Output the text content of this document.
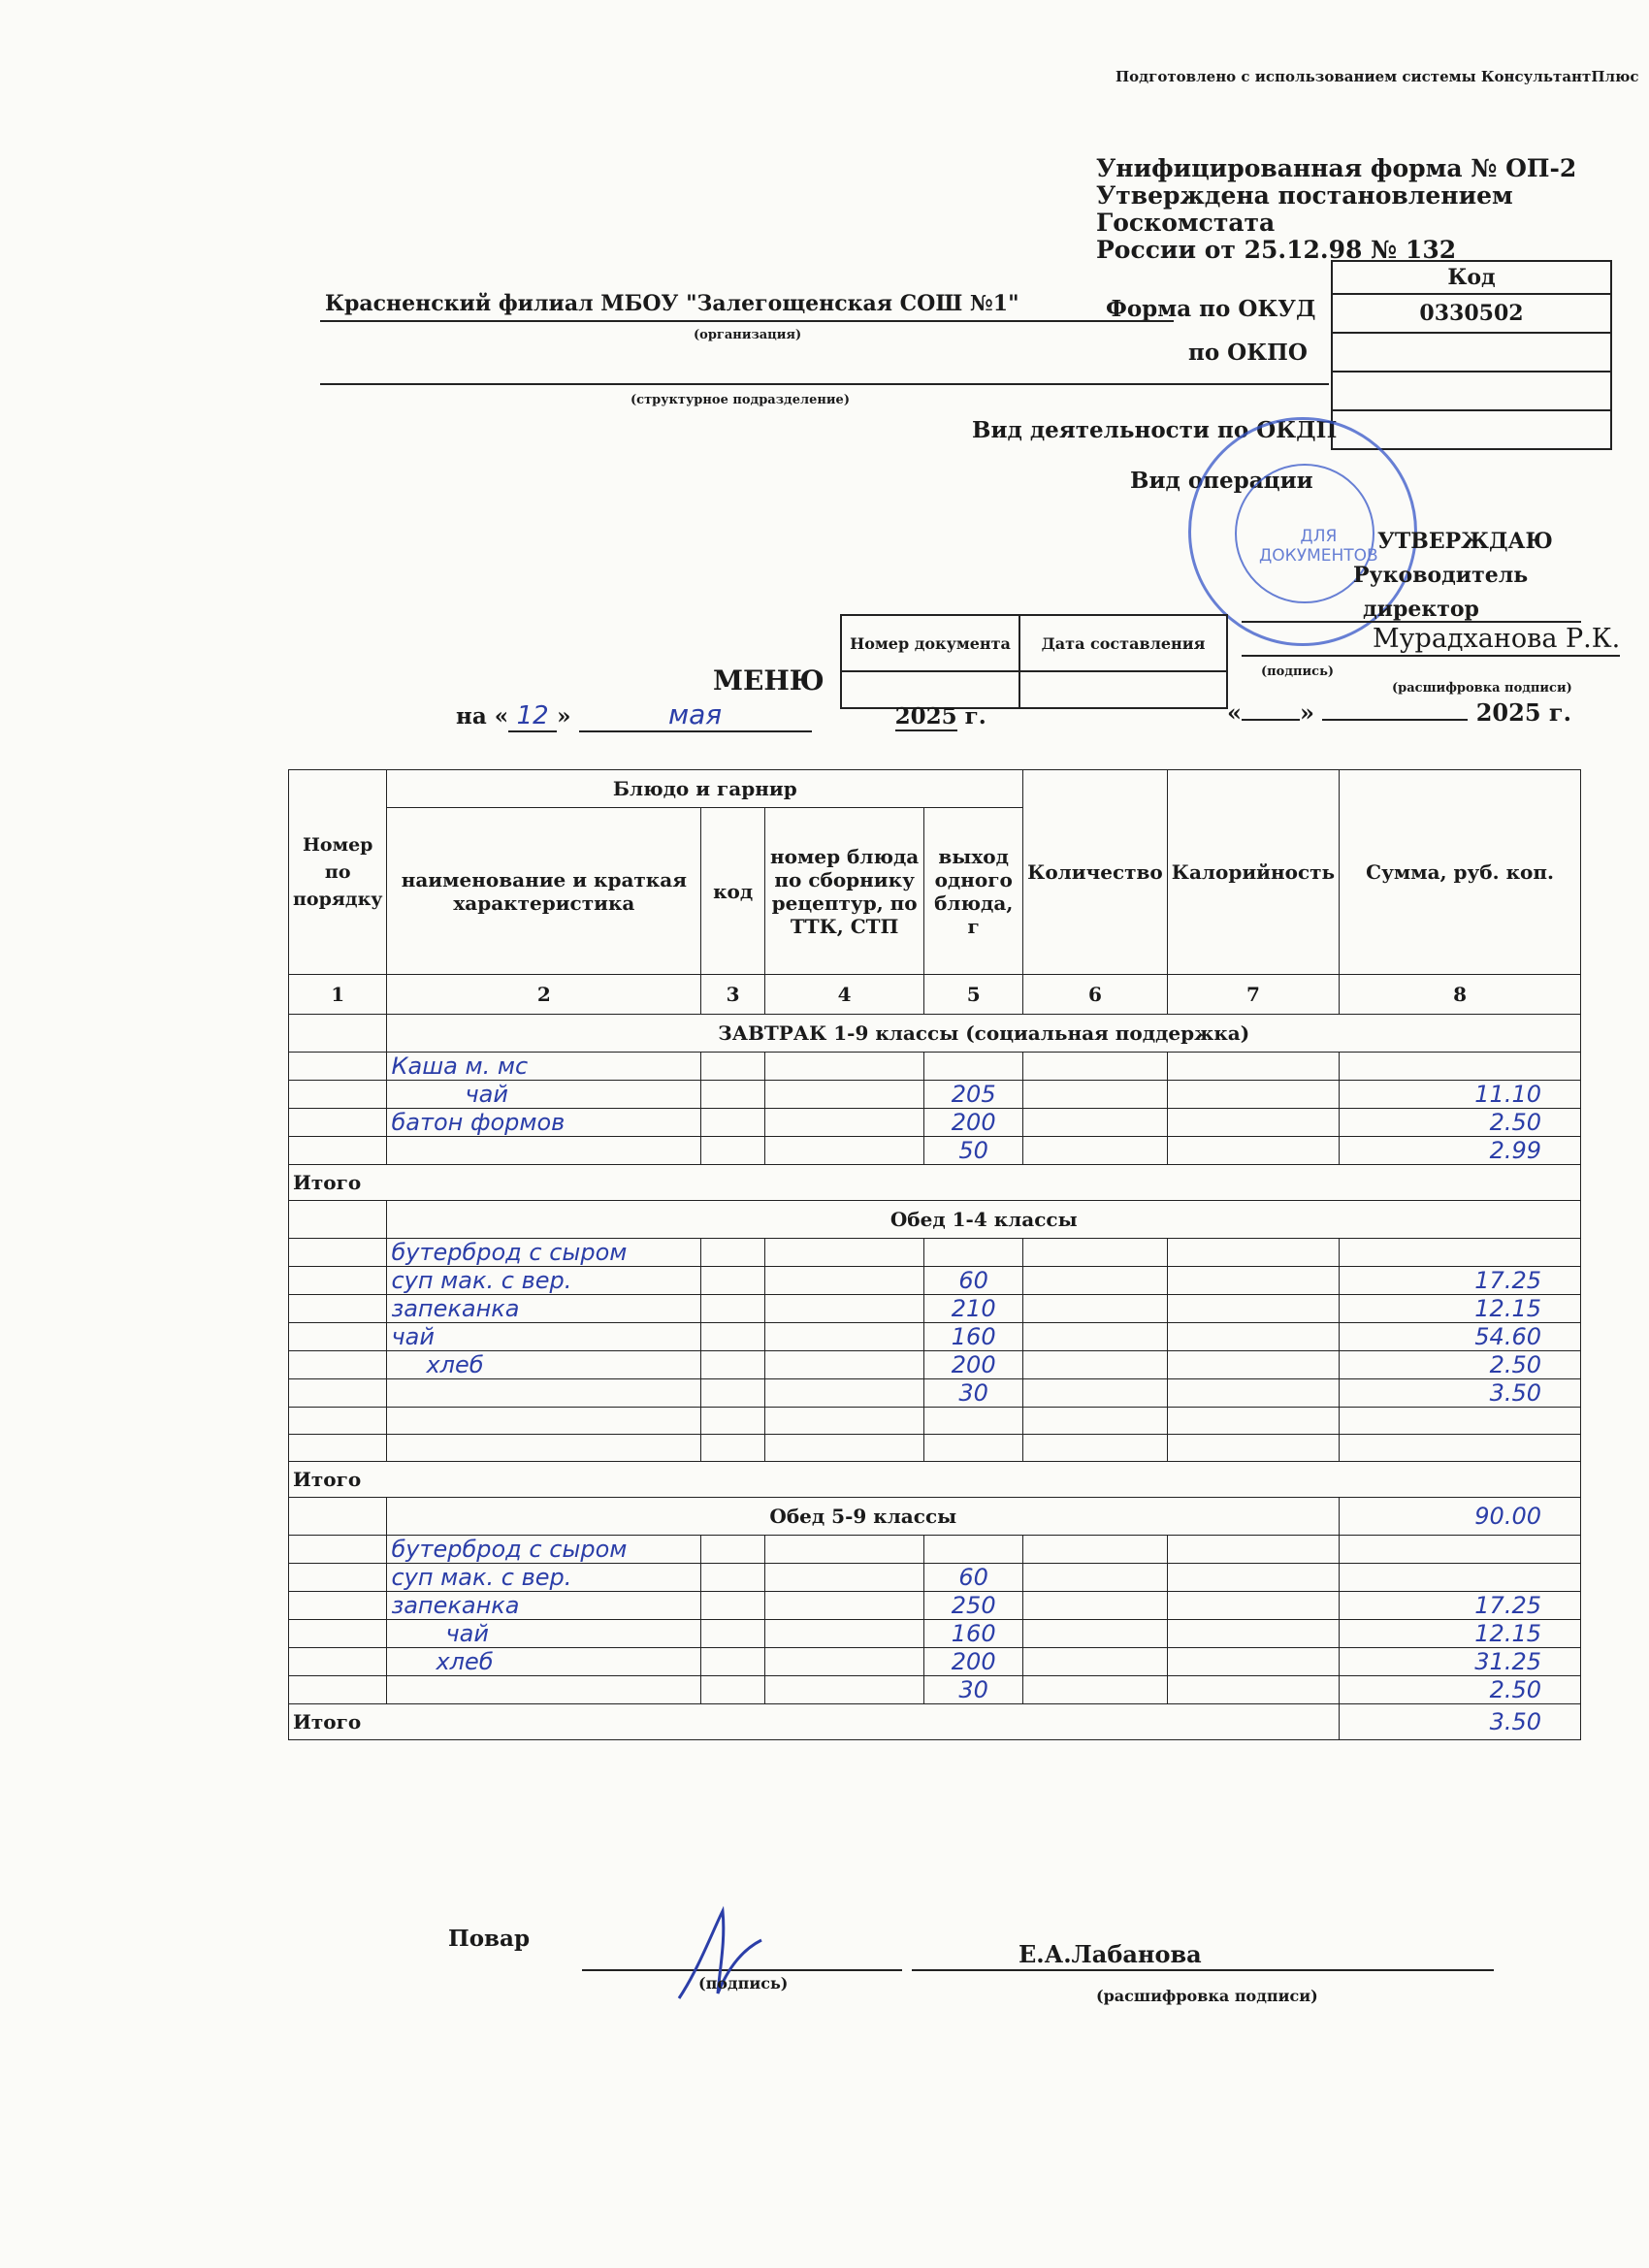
Подготовлено с использованием системы КонсультантПлюс
Унифицированная форма № ОП-2
Утверждена постановлением Госкомстата
России от 25.12.98 № 132
Код
0330502

Форма по ОКУД
по ОКПО
Вид деятельности по ОКДП
Вид операции
Красненский филиал МБОУ "Залегощенская СОШ №1"
(организация)
(структурное подразделение)
ДЛЯ
ДОКУМЕНТОВ
УТВЕРЖДАЮ
Руководитель
директор
Мурадханова Р.К.
(подпись)
(расшифровка подписи)
«	»	2025 г.
Номер документа	Дата составления

МЕНЮ
на « 12 »	мая	2025 г.
Номер по порядку	Блюдо и гарнир				Количество	Калорийность	Сумма, руб. коп.
	наименование и краткая характеристика	код	номер блюда по сборнику рецептур, по ТТК, СТП	выход одного блюда, г			
1	2	3	4	5	6	7	8
	ЗАВТРАК 1-9 классы (социальная поддержка)						
	Каша м. мс						
	чай			205			11.10
	батон формов			200			2.50
				50			2.99
Итого							
	Обед 1-4 классы						
	бутерброд с сыром						
	суп мак. с вер.			60			17.25
	запеканка			210			12.15
	чай			160			54.60
	хлеб			200			2.50
				30			3.50

Итого							
	Обед 5-9 классы						90.00
	бутерброд с сыром						
	суп мак. с вер.			60			
	запеканка			250			17.25
	чай			160			12.15
	хлеб			200			31.25
				30			2.50
Итого							3.50
Повар
(подпись)
Е.А.Лабанова
(расшифровка подписи)
